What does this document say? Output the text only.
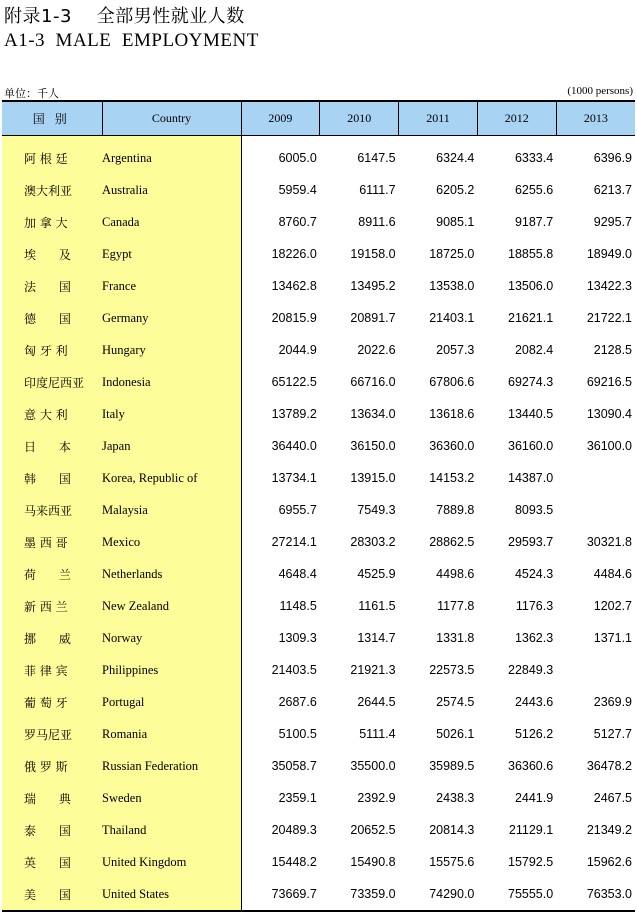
附录1-3    全部男性就业人数
A1-3  MALE  EMPLOYMENT
单位：千人	(1000 persons)
国别	Country	2009	2010	2011	2012	2013
阿 根 廷	Argentina	6005.0	6147.5	6324.4	6333.4	6396.9
澳大利亚	Australia	5959.4	6111.7	6205.2	6255.6	6213.7
加 拿 大	Canada	8760.7	8911.6	9085.1	9187.7	9295.7
埃      及	Egypt	18226.0	19158.0	18725.0	18855.8	18949.0
法      国	France	13462.8	13495.2	13538.0	13506.0	13422.3
德      国	Germany	20815.9	20891.7	21403.1	21621.1	21722.1
匈 牙 利	Hungary	2044.9	2022.6	2057.3	2082.4	2128.5
印度尼西亚	Indonesia	65122.5	66716.0	67806.6	69274.3	69216.5
意 大 利	Italy	13789.2	13634.0	13618.6	13440.5	13090.4
日      本	Japan	36440.0	36150.0	36360.0	36160.0	36100.0
韩      国	Korea, Republic of	13734.1	13915.0	14153.2	14387.0	
马来西亚	Malaysia	6955.7	7549.3	7889.8	8093.5	
墨 西 哥	Mexico	27214.1	28303.2	28862.5	29593.7	30321.8
荷      兰	Netherlands	4648.4	4525.9	4498.6	4524.3	4484.6
新 西 兰	New Zealand	1148.5	1161.5	1177.8	1176.3	1202.7
挪      威	Norway	1309.3	1314.7	1331.8	1362.3	1371.1
菲 律 宾	Philippines	21403.5	21921.3	22573.5	22849.3	
葡 萄 牙	Portugal	2687.6	2644.5	2574.5	2443.6	2369.9
罗马尼亚	Romania	5100.5	5111.4	5026.1	5126.2	5127.7
俄 罗 斯	Russian Federation	35058.7	35500.0	35989.5	36360.6	36478.2
瑞      典	Sweden	2359.1	2392.9	2438.3	2441.9	2467.5
泰      国	Thailand	20489.3	20652.5	20814.3	21129.1	21349.2
英      国	United Kingdom	15448.2	15490.8	15575.6	15792.5	15962.6
美      国	United States	73669.7	73359.0	74290.0	75555.0	76353.0
